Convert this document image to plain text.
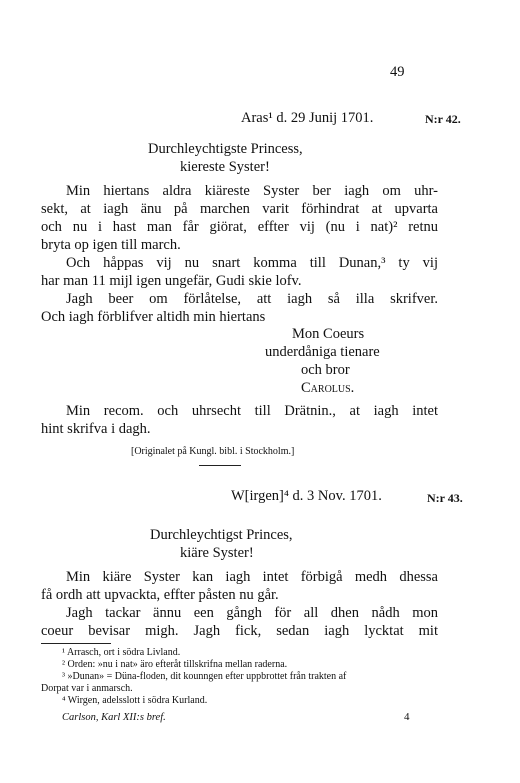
49
Aras¹ d. 29 Junij 1701.	N:r 42.
Durchleychtigste Princess,
kiereste Syster!
Min hiertans aldra kiäreste Syster ber iagh om uhr-
sekt, at iagh änu på marchen varit förhindrat at upvarta
och nu i hast man får giörat, effter vij (nu i nat)² retnu
bryta op igen till march.
Och håppas vij nu snart komma till Dunan,³ ty vij
har man 11 mijl igen ungefär, Gudi skie lofv.
Jagh beer om förlåtelse, att iagh så illa skrifver.
Och iagh förblifver altidh min hiertans
Mon Coeurs
underdåniga tienare
och bror
Carolus.
Min recom. och uhrsecht till Drätnin., at iagh intet
hint skrifva i dagh.
[Originalet på Kungl. bibl. i Stockholm.]
W[irgen]⁴ d. 3 Nov. 1701.	N:r 43.
Durchleychtigst Princes,
kiäre Syster!
Min kiäre Syster kan iagh intet förbigå medh dhessa
få ordh att upvackta, effter påsten nu går.
Jagh tackar ännu een gångh för all dhen nådh mon
coeur bevisar migh. Jagh fick, sedan iagh lycktat mit
¹ Arrasch, ort i södra Livland.
² Orden: »nu i nat» äro efteråt tillskrifna mellan raderna.
³ »Dunan» = Düna-floden, dit kounngen efter uppbrottet från trakten af
Dorpat var i anmarsch.
⁴ Wirgen, adelsslott i södra Kurland.
Carlson, Karl XII:s bref.	4
